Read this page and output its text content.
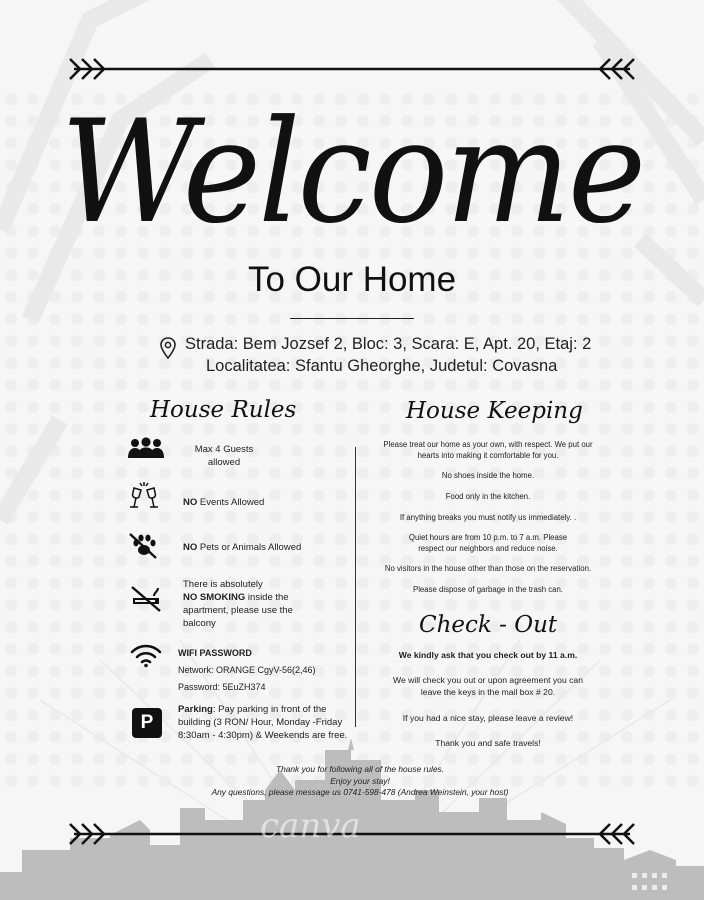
Welcome
To Our Home
Strada: Bem Jozsef 2, Bloc: 3, Scara: E, Apt. 20, Etaj: 2
Localitatea: Sfantu Gheorghe, Judetul: Covasna
House Rules
Max 4 Guests allowed
NO Events Allowed
NO Pets or Animals Allowed
There is absolutely
NO SMOKING inside the apartment, please use the balcony
WIFI PASSWORD
Network: ORANGE CgyV-56(2,46)
Password: 5EuZH374
P
Parking: Pay parking in front of the building (3 RON/ Hour, Monday -Friday 8:30am - 4:30pm) & Weekends are free.
House Keeping
Please treat our home as your own, with respect. We put our hearts into making it comfortable for you.
No shoes inside the home.
Food only in the kitchen.
If anything breaks you must notify us immediately. .
Quiet hours are from 10 p.m. to 7 a.m. Please respect our neighbors and reduce noise.
No visitors in the house other than those on the reservation.
Please dispose of garbage in the trash can.
Check - Out
We kindly ask that you check out by 11 a.m.
We will check you out or upon agreement you can leave the keys in the mail box # 20.
If you had a nice stay, please leave a review!
Thank you and safe travels!
Thank you for following all of the house rules.
Enjoy your stay!
Any questions, please message us 0741-598-478 (Andrea Weinstein, your host)
canva
